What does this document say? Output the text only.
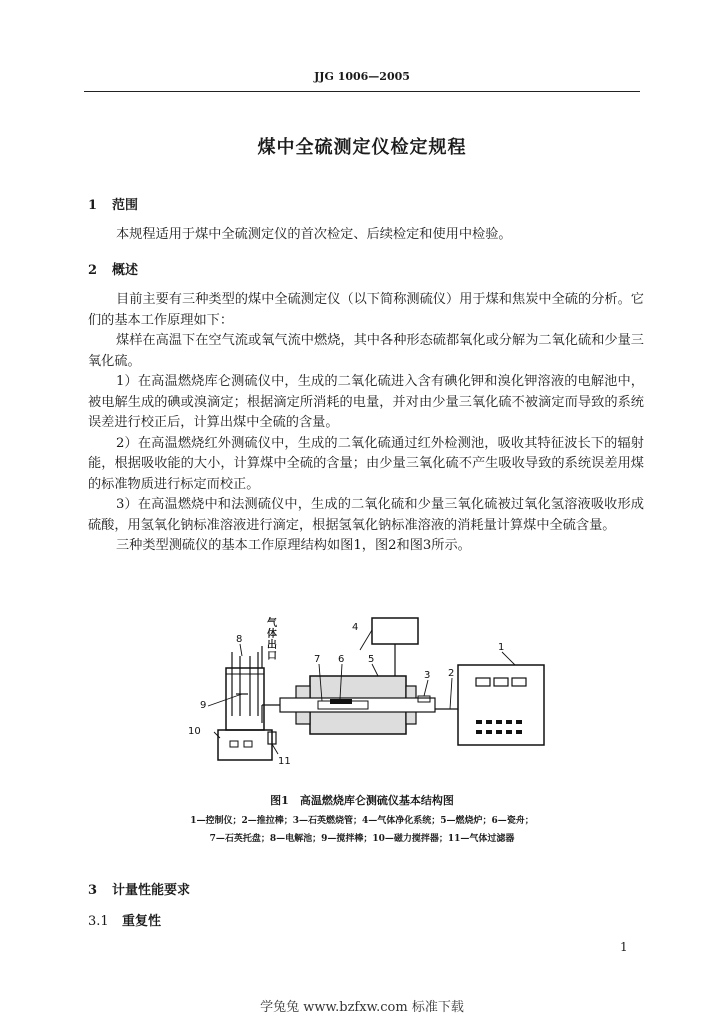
JJG 1006—2005
煤中全硫测定仪检定规程
1 范围
本规程适用于煤中全硫测定仪的首次检定、后续检定和使用中检验。
2 概述
目前主要有三种类型的煤中全硫测定仪（以下简称测硫仪）用于煤和焦炭中全硫的分析。它们的基本工作原理如下：
煤样在高温下在空气流或氧气流中燃烧，其中各种形态硫都氧化或分解为二氧化硫和少量三氧化硫。
1）在高温燃烧库仑测硫仪中，生成的二氧化硫进入含有碘化钾和溴化钾溶液的电解池中，被电解生成的碘或溴滴定；根据滴定所消耗的电量，并对由少量三氧化硫不被滴定而导致的系统误差进行校正后，计算出煤中全硫的含量。
2）在高温燃烧红外测硫仪中，生成的二氧化硫通过红外检测池，吸收其特征波长下的辐射能，根据吸收能的大小，计算煤中全硫的含量；由少量三氧化硫不产生吸收导致的系统误差用煤的标准物质进行标定而校正。
3）在高温燃烧中和法测硫仪中，生成的二氧化硫和少量三氧化硫被过氧化氢溶液吸收形成硫酸，用氢氧化钠标准溶液进行滴定，根据氢氧化钠标准溶液的消耗量计算煤中全硫含量。
三种类型测硫仪的基本工作原理结构如图1，图2和图3所示。
1
2
3
4
5
6
7
8
9
10
11
气体出口
图1　高温燃烧库仑测硫仪基本结构图
1—控制仪；2—推拉棒；3—石英燃烧管；4—气体净化系统；5—燃烧炉；6—瓷舟；
7—石英托盘；8—电解池；9—搅拌棒；10—磁力搅拌器；11—气体过滤器
3 计量性能要求
3.1 重复性
1
学兔兔 www.bzfxw.com 标准下载
